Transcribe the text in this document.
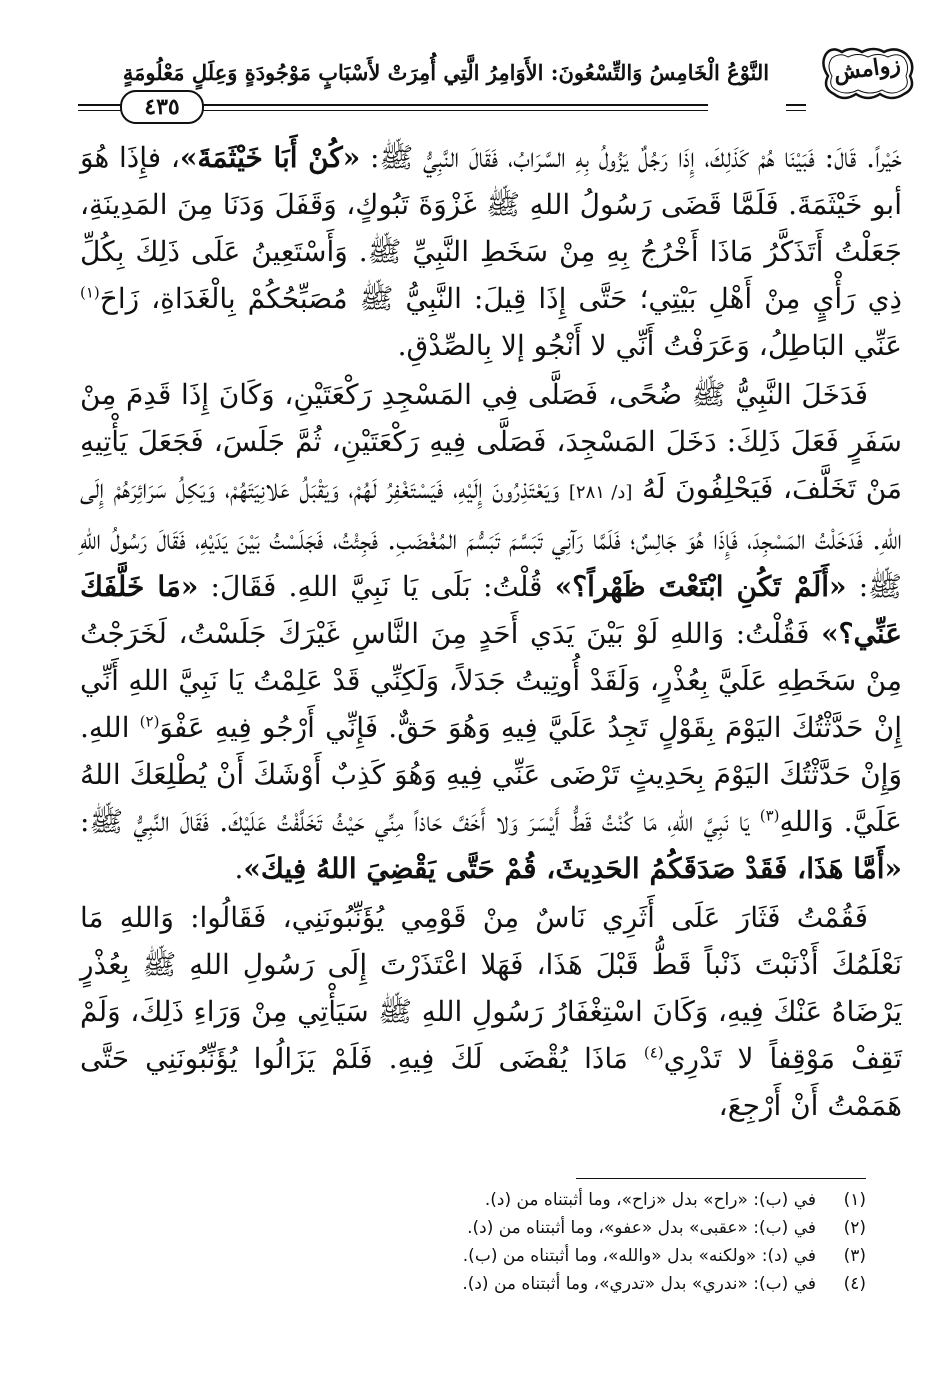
زوامش
النَّوْعُ الْخَامِسُ وَالتِّسْعُونَ: الأَوَامِرُ الَّتِي أُمِرَتْ لأَسْبَابٍ مَوْجُودَةٍ وَعِلَلٍ مَعْلُومَةٍ
٤٣٥

خَيْراً. قَالَ: فَبَيْنَا هُمْ كَذَلِكَ، إِذَا رَجُلٌ يَزُولُ بِهِ السَّرَابُ، فَقَالَ النَّبِيُّ ﷺ: «كُنْ أَبَا خَيْثَمَةَ»، فإِذَا هُوَ أبو خَيْثَمَةَ. فَلَمَّا قَضَى رَسُولُ اللهِ ﷺ غَزْوَةَ تَبُوكٍ، وَقَفَلَ وَدَنَا مِنَ المَدِينَةِ، جَعَلْتُ أَتَذَكَّرُ مَاذَا أَخْرُجُ بِهِ مِنْ سَخَطِ النَّبِيِّ ﷺ. وَأَسْتَعِينُ عَلَى ذَلِكَ بِكُلِّ ذِي رَأْيٍ مِنْ أَهْلِ بَيْتِي؛ حَتَّى إِذَا قِيلَ: النَّبِيُّ ﷺ مُصَبِّحُكُمْ بِالْغَدَاةِ، زَاحَ$^{(١)}$ عَنِّي البَاطِلُ، وَعَرَفْتُ أَنِّي لا أَنْجُو إلا بِالصِّدْقِ.

فَدَخَلَ النَّبِيُّ ﷺ ضُحًى، فَصَلَّى فِي المَسْجِدِ رَكْعَتَيْنِ، وَكَانَ إِذَا قَدِمَ مِنْ سَفَرٍ فَعَلَ ذَلِكَ: دَخَلَ المَسْجِدَ، فَصَلَّى فِيهِ رَكْعَتَيْنِ، ثُمَّ جَلَسَ، فَجَعَلَ يَأْتِيهِ مَنْ تَخَلَّفَ، فَيَحْلِفُونَ لَهُ [د/ ٢٨١] وَيَعْتَذِرُونَ إِلَيْهِ، فَيَسْتَغْفِرُ لَهُمْ، وَيَقْبَلُ عَلانِيَتَهُمْ، وَيَكِلُ سَرَائِرَهُمْ إِلَى اللهِ. فَدَخَلْتُ المَسْجِدَ، فَإِذَا هُوَ جَالِسٌ؛ فَلَمَّا رَآنِي تَبَسَّمَ تَبَسُّمَ المُغْضَبِ. فَجِئْتُ، فَجَلَسْتُ بَيْنَ يَدَيْهِ، فَقَالَ رَسُولُ اللهِ ﷺ: «أَلَمْ تَكُنِ ابْتَعْتَ ظَهْراً؟» قُلْتُ: بَلَى يَا نَبِيَّ اللهِ. فَقَالَ: «مَا خَلَّفَكَ عَنِّي؟» فَقُلْتُ: وَاللهِ لَوْ بَيْنَ يَدَي أَحَدٍ مِنَ النَّاسِ غَيْرَكَ جَلَسْتُ، لَخَرَجْتُ مِنْ سَخَطِهِ عَلَيَّ بِعُذْرٍ، وَلَقَدْ أُوتِيتُ جَدَلاً، وَلَكِنِّي قَدْ عَلِمْتُ يَا نَبِيَّ اللهِ أَنِّي إِنْ حَدَّثْتُكَ اليَوْمَ بِقَوْلٍ تَجِدُ عَلَيَّ فِيهِ وَهُوَ حَقٌّ. فَإِنِّي أَرْجُو فِيهِ عَفْوَ$^{(٢)}$ اللهِ. وَإِنْ حَدَّثْتُكَ اليَوْمَ بِحَدِيثٍ تَرْضَى عَنِّي فِيهِ وَهُوَ كَذِبٌ أَوْشَكَ أَنْ يُطْلِعَكَ اللهُ عَلَيَّ. وَاللهِ$^{(٣)}$ يَا نَبِيَّ اللهِ، مَا كُنْتُ قَطُّ أَيْسَرَ وَلا أَخَفَّ حَاذاً مِنِّي حَيْثُ تَخَلَّفْتُ عَلَيْكَ. فَقَالَ النَّبِيُّ ﷺ: «أَمَّا هَذَا، فَقَدْ صَدَقَكُمُ الحَدِيثَ، قُمْ حَتَّى يَقْضِيَ اللهُ فِيكَ».

فَقُمْتُ فَثَارَ عَلَى أَثَرِي نَاسٌ مِنْ قَوْمِي يُؤَنِّبُونَنِي، فَقَالُوا: وَاللهِ مَا نَعْلَمُكَ أَذْنَبْتَ ذَنْباً قَطُّ قَبْلَ هَذَا، فَهَلا اعْتَذَرْتَ إِلَى رَسُولِ اللهِ ﷺ بِعُذْرٍ يَرْضَاهُ عَنْكَ فِيهِ، وَكَانَ اسْتِغْفَارُ رَسُولِ اللهِ ﷺ سَيَأْتِي مِنْ وَرَاءِ ذَلِكَ، وَلَمْ تَقِفْ مَوْقِفاً لا تَدْرِي$^{(٤)}$ مَاذَا يُقْضَى لَكَ فِيهِ. فَلَمْ يَزَالُوا يُؤَنِّبُونَنِي حَتَّى هَمَمْتُ أَنْ أَرْجِعَ،

(١)في (ب): «راح» بدل «زاح»، وما أثبتناه من (د).
(٢)في (ب): «عقبى» بدل «عفو»، وما أثبتناه من (د).
(٣)في (د): «ولكنه» بدل «والله»، وما أثبتناه من (ب).
(٤)في (ب): «ندري» بدل «تدري»، وما أثبتناه من (د).
